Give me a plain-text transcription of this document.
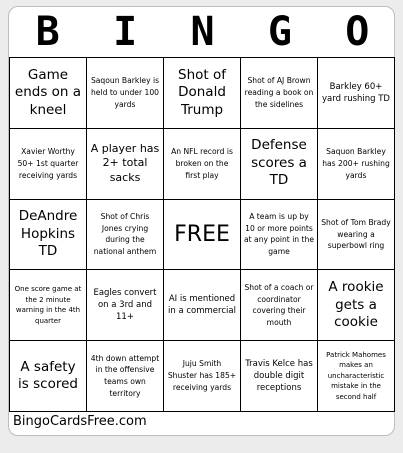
B	I	N	G	O
Game ends on a kneel
Saqoun Barkley is held to under 100 yards
Shot of Donald Trump
Shot of AJ Brown reading a book on the sidelines
Barkley 60+ yard rushing TD
Xavier Worthy 50+ 1st quarter receiving yards
A player has 2+ total sacks
An NFL record is broken on the first play
Defense scores a TD
Saquon Barkley has 200+ rushing yards
DeAndre Hopkins TD
Shot of Chris Jones crying during the national anthem
FREE
A team is up by 10 or more points at any point in the game
Shot of Tom Brady wearing a superbowl ring
One score game at the 2 minute warning in the 4th quarter
Eagles convert on a 3rd and 11+
AI is mentioned in a commercial
Shot of a coach or coordinator covering their mouth
A rookie gets a cookie
A safety is scored
4th down attempt in the offensive teams own territory
Juju Smith Shuster has 185+ receiving yards
Travis Kelce has double digit receptions
Patrick Mahomes makes an uncharacteristic mistake in the second half
BingoCardsFree.com
